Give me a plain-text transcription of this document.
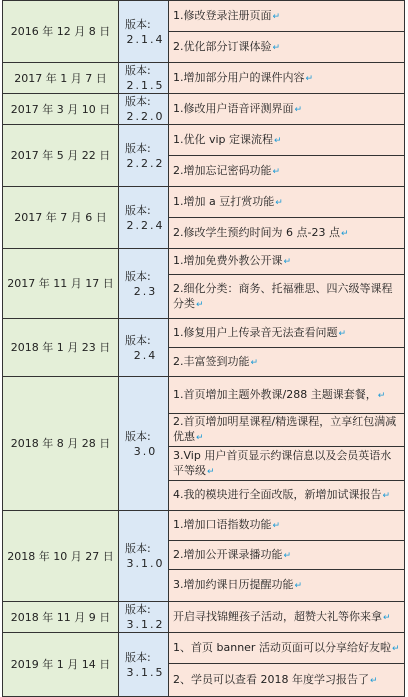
2016 年 12 月 8 日	版本:
2.1.4	1.修改登录注册页面↵
		2.优化部分订课体验↵
2017 年 1 月 7 日	版本:
2.1.5	1.增加部分用户的课件内容↵
2017 年 3 月 10 日	版本:
2.2.0	1.修改用户语音评测界面↵
2017 年 5 月 22 日	版本:
2.2.2	1.优化 vip 定课流程↵
		2.增加忘记密码功能↵
2017 年 7 月 6 日	版本:
2.2.4	1.增加 a 豆打赏功能↵
		2.修改学生预约时间为 6 点-23 点↵
2017 年 11 月 17 日	版本:
2.3	1.增加免费外教公开课↵
		2.细化分类：商务、托福雅思、四六级等课程分类↵
2018 年 1 月 23 日	版本:
2.4	1.修复用户上传录音无法查看问题↵
		2.丰富签到功能↵
2018 年 8 月 28 日	版本:
3.0	1.首页增加主题外教课/288 主题课套餐，↵
		2.首页增加明星课程/精选课程，立享红包满减优惠↵
		3.Vip 用户首页显示约课信息以及会员英语水平等级↵
		4.我的模块进行全面改版，新增加试课报告↵
2018 年 10 月 27 日	版本:
3.1.0	1.增加口语指数功能↵
		2.增加公开课录播功能↵
		3.增加约课日历提醒功能↵
2018 年 11 月 9 日	版本:
3.1.2	开启寻找锦鲤孩子活动，超赞大礼等你来拿↵
2019 年 1 月 14 日	版本:
3.1.5	1、首页 banner 活动页面可以分享给好友啦↵
		2、学员可以查看 2018 年度学习报告了↵
